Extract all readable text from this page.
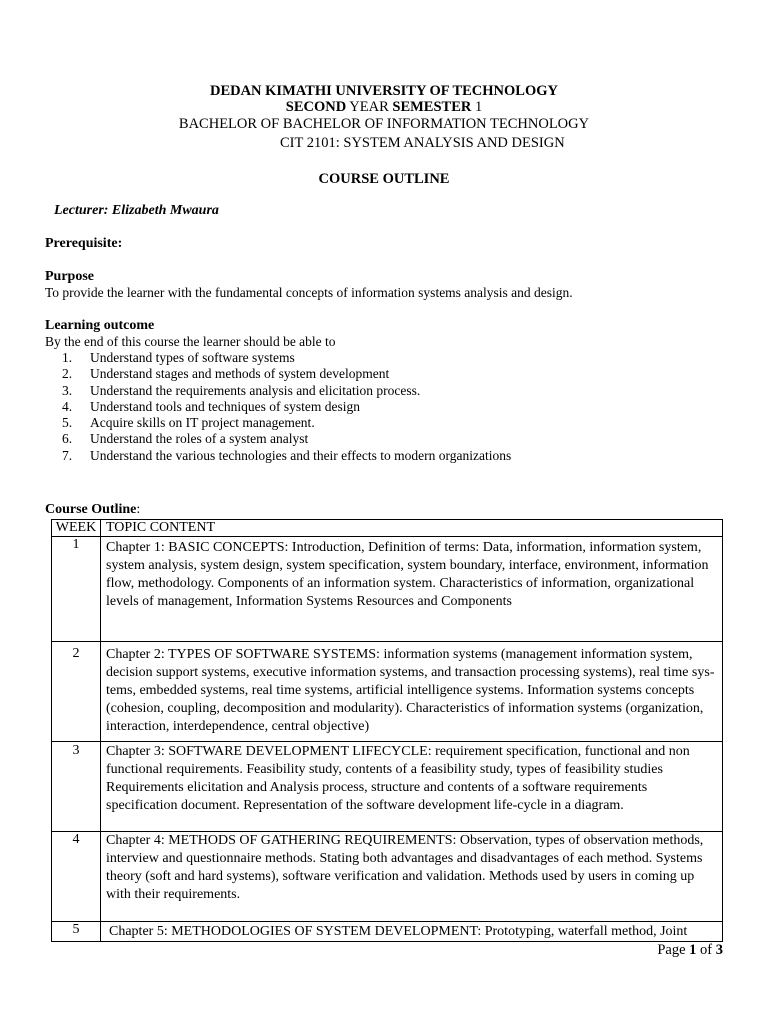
DEDAN KIMATHI UNIVERSITY OF TECHNOLOGY
SECOND YEAR SEMESTER 1
BACHELOR OF BACHELOR OF INFORMATION TECHNOLOGY
CIT 2101: SYSTEM ANALYSIS AND DESIGN
COURSE OUTLINE
Lecturer: Elizabeth Mwaura
Prerequisite:
Purpose
To provide the learner with the fundamental concepts of information systems analysis and design.
Learning outcome
By the end of this course the learner should be able to
1.	Understand types of software systems
2.	Understand stages and methods of system development
3.	Understand the requirements analysis and elicitation process.
4.	Understand tools and techniques of system design
5.	Acquire skills on IT project management.
6.	Understand the roles of a system analyst
7.	Understand the various technologies and their effects to modern organizations
Course Outline:
WEEK	TOPIC CONTENT
1	Chapter 1: BASIC CONCEPTS: Introduction, Definition of terms: Data, information, information system, system analysis, system design, system specification, system boundary, interface, environment, information flow, methodology. Components of an information system. Characteristics of information, organizational levels of management, Information Systems Resources and Components
2	Chapter 2: TYPES OF SOFTWARE SYSTEMS: information systems (management information system, decision support systems, executive information systems, and transaction processing systems), real time sys-tems, embedded systems, real time systems, artificial intelligence systems. Information systems concepts (cohesion, coupling, decomposition and modularity). Characteristics of information systems (organization, interaction, interdependence, central objective)
3	Chapter 3: SOFTWARE DEVELOPMENT LIFECYCLE: requirement specification, functional and non functional requirements. Feasibility study, contents of a feasibility study, types of feasibility studies
Requirements elicitation and Analysis process, structure and contents of a software requirements specification document. Representation of the software development life-cycle in a diagram.

4	Chapter 4: METHODS OF GATHERING REQUIREMENTS: Observation, types of observation methods, interview and questionnaire methods. Stating both advantages and disadvantages of each method. Systems theory (soft and hard systems), software verification and validation. Methods used by users in coming up with their requirements.
5	Chapter 5: METHODOLOGIES OF SYSTEM DEVELOPMENT: Prototyping, waterfall method, Joint
Page 1 of 3
